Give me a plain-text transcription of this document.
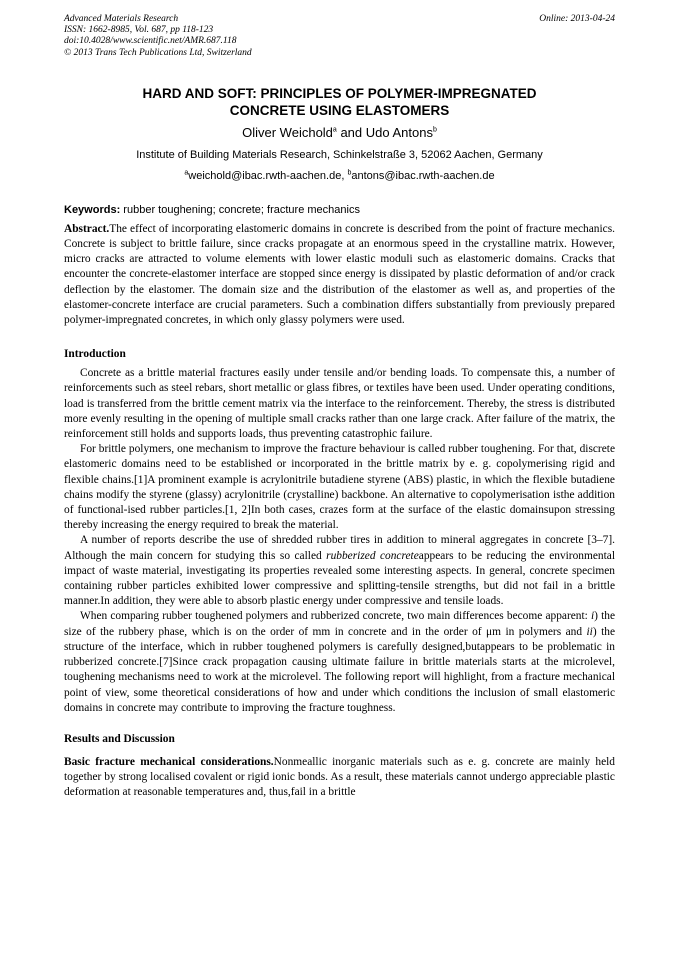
Advanced Materials Research
ISSN: 1662-8985, Vol. 687, pp 118-123
doi:10.4028/www.scientific.net/AMR.687.118
© 2013 Trans Tech Publications Ltd, Switzerland
Online: 2013-04-24
HARD AND SOFT: PRINCIPLES OF POLYMER-IMPREGNATED
CONCRETE USING ELASTOMERS
Oliver Weichold$^a$ and Udo Antons$^b$
Institute of Building Materials Research, Schinkelstraße 3, 52062 Aachen, Germany
$^a$weichold@ibac.rwth-aachen.de, $^b$antons@ibac.rwth-aachen.de
Keywords: rubber toughening; concrete; fracture mechanics
Abstract.The effect of incorporating elastomeric domains in concrete is described from the point of fracture mechanics. Concrete is subject to brittle failure, since cracks propagate at an enormous speed in the crystalline matrix. However, micro cracks are attracted to volume elements with lower elastic moduli such as elastomeric domains. Cracks that encounter the concrete-elastomer interface are stopped since energy is dissipated by plastic deformation of and/or crack deflection by the elastomer. The domain size and the distribution of the elastomer as well as, and properties of the elastomer-concrete interface are crucial parameters. Such a combination differs substantially from previously prepared polymer-impregnated concretes, in which only glassy polymers were used.
Introduction

Concrete as a brittle material fractures easily under tensile and/or bending loads. To compensate this, a number of reinforcements such as steel rebars, short metallic or glass fibres, or textiles have been used. Under operating conditions, load is transferred from the brittle cement matrix via the interface to the reinforcement. Thereby, the stress is distributed more evenly resulting in the opening of multiple small cracks rather than one large crack. After failure of the matrix, the reinforcement still holds and supports loads, thus preventing catastrophic failure.

For brittle polymers, one mechanism to improve the fracture behaviour is called rubber toughening. For that, discrete elastomeric domains need to be established or incorporated in the brittle matrix by e. g. copolymerising rigid and flexible chains.[1]A prominent example is acrylonitrile butadiene styrene (ABS) plastic, in which the flexible butadiene chains modify the styrene (glassy) acrylonitrile (crystalline) backbone. An alternative to copolymerisation isthe addition of functional-ised rubber particles.[1, 2]In both cases, crazes form at the surface of the elastic domainsupon stressing thereby increasing the energy required to break the material.

A number of reports describe the use of shredded rubber tires in addition to mineral aggregates in concrete [3–7]. Although the main concern for studying this so called rubberized concreteappears to be reducing the environmental impact of waste material, investigating its properties revealed some interesting aspects. In general, concrete specimen containing rubber particles exhibited lower compressive and splitting-tensile strengths, but did not fail in a brittle manner.In addition, they were able to absorb plastic energy under compressive and tensile loads.

When comparing rubber toughened polymers and rubberized concrete, two main differences become apparent: i) the size of the rubbery phase, which is on the order of mm in concrete and in the order of μm in polymers and ii) the structure of the interface, which in rubber toughened polymers is carefully designed,butappears to be problematic in rubberized concrete.[7]Since crack propagation causing ultimate failure in brittle materials starts at the microlevel, toughening mechanisms need to work at the microlevel. The following report will highlight, from a fracture mechanical point of view, some theoretical considerations of how and under which conditions the inclusion of small elastomeric domains in concrete may contribute to improving the fracture toughness.

Results and Discussion
Basic fracture mechanical considerations.Nonmeallic inorganic materials such as e. g. concrete are mainly held together by strong localised covalent or rigid ionic bonds. As a result, these materials cannot undergo appreciable plastic deformation at reasonable temperatures and, thus,fail in a brittle
